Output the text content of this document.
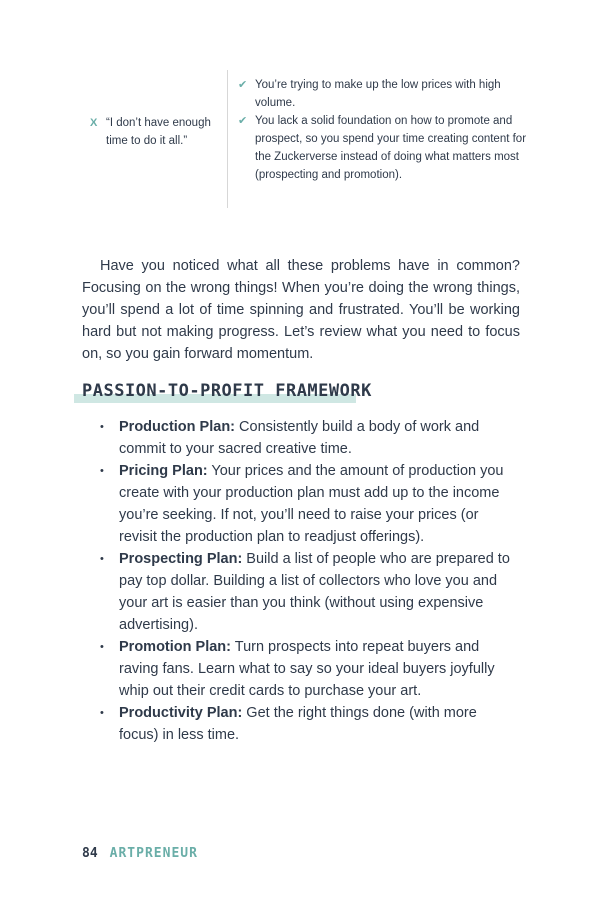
X “I don’t have enough time to do it all.”
✔ You’re trying to make up the low prices with high volume.
✔ You lack a solid foundation on how to promote and prospect, so you spend your time creating content for the Zuckerverse instead of doing what matters most (prospecting and promotion).

Have you noticed what all these problems have in common? Focusing on the wrong things! When you’re doing the wrong things, you’ll spend a lot of time spinning and frustrated. You’ll be working hard but not making progress. Let’s review what you need to focus on, so you gain forward momentum.

PASSION-TO-PROFIT FRAMEWORK
•	Production Plan: Consistently build a body of work and commit to your sacred creative time.
•	Pricing Plan: Your prices and the amount of production you create with your production plan must add up to the income you’re seeking. If not, you’ll need to raise your prices (or revisit the production plan to readjust offerings).
•	Prospecting Plan: Build a list of people who are prepared to pay top dollar. Building a list of collectors who love you and your art is easier than you think (without using expensive advertising).
•	Promotion Plan: Turn prospects into repeat buyers and raving fans. Learn what to say so your ideal buyers joyfully whip out their credit cards to purchase your art.
•	Productivity Plan: Get the right things done (with more focus) in less time.
84 ARTPRENEUR
